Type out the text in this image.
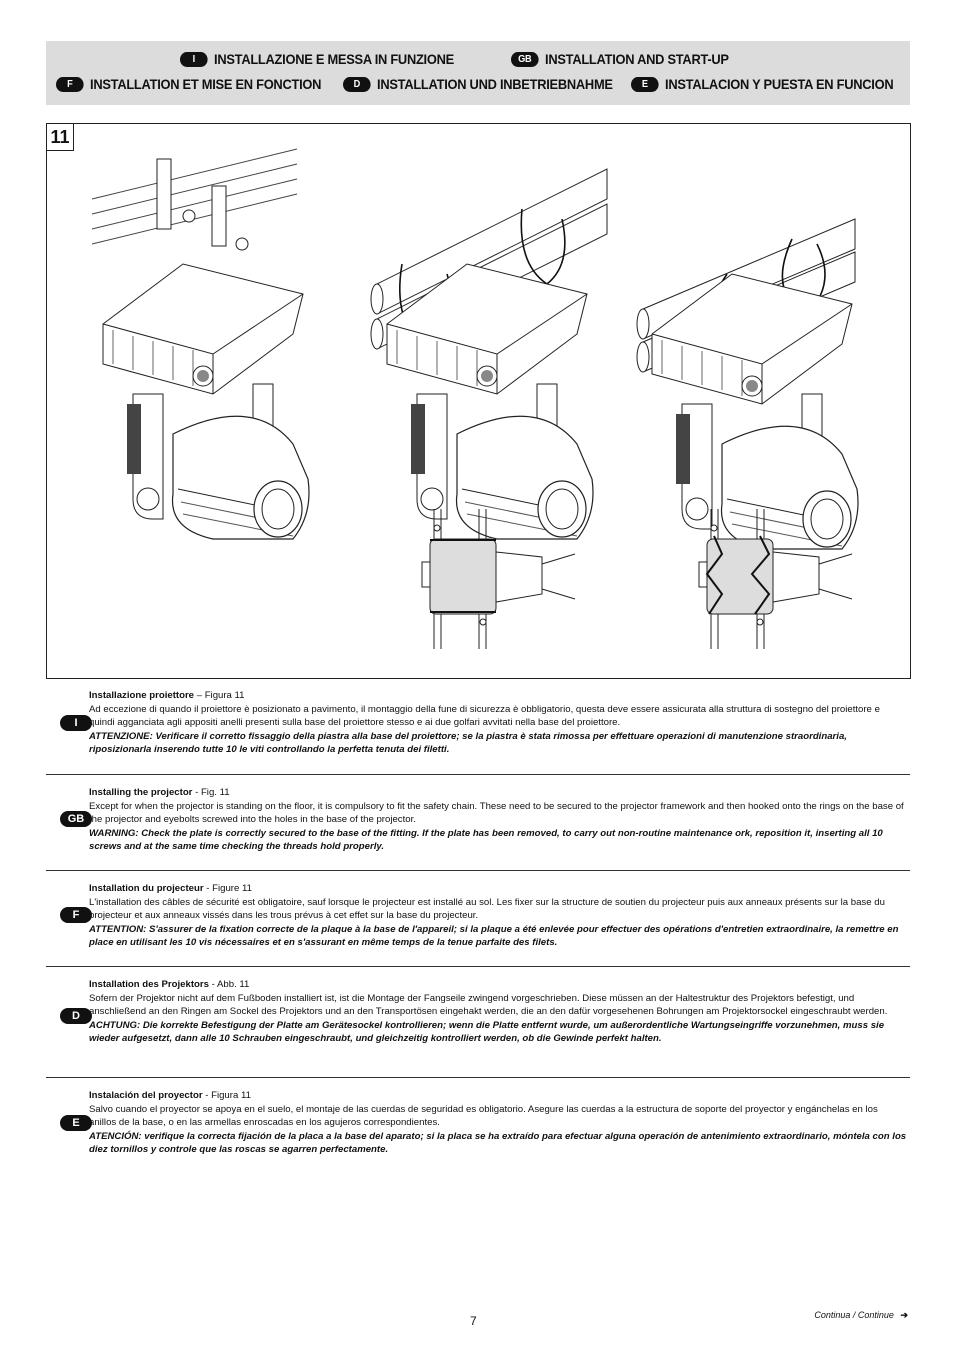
I	INSTALLAZIONE E MESSA IN FUNZIONE	GB INSTALLATION AND START-UP
F	INSTALLATION ET MISE EN FONCTION	D	INSTALLATION UND INBETRIEBNAHME	E	INSTALACION Y PUESTA EN FUNCION
11
I

Installazione proiettore – Figura 11

Ad eccezione di quando il proiettore è posizionato a pavimento, il montaggio della fune di sicurezza è obbligatorio, questa deve essere assicurata alla struttura di sostegno del proiettore e quindi agganciata agli appositi anelli presenti sulla base del proiettore stesso e ai due golfari avvitati nella base del proiettore.

ATTENZIONE: Verificare il corretto fissaggio della piastra alla base del proiettore; se la piastra è stata rimossa per effettuare operazioni di manutenzione straordinaria, riposizionarla inserendo tutte 10 le viti controllando la perfetta tenuta dei filetti.

GB

Installing the projector - Fig. 11

Except for when the projector is standing on the floor, it is compulsory to fit the safety chain. These need to be secured to the projector framework and then hooked onto the rings on the base of the projector and eyebolts screwed into the holes in the base of the projector.

WARNING: Check the plate is correctly secured to the base of the fitting. If the plate has been removed, to carry out non-routine maintenance ork, reposition it, inserting all 10 screws and at the same time checking the threads hold properly.

F

Installation du projecteur - Figure 11

L'installation des câbles de sécurité est obligatoire, sauf lorsque le projecteur est installé au sol. Les fixer sur la structure de soutien du projecteur puis aux anneaux présents sur la base du projecteur et aux anneaux vissés dans les trous prévus à cet effet sur la base du projecteur.

ATTENTION: S'assurer de la fixation correcte de la plaque à la base de l'appareil; si la plaque a été enlevée pour effectuer des opérations d'entretien extraordinaire, la remettre en place en utilisant les 10 vis nécessaires et en s'assurant en même temps de la tenue parfaite des filets.

D

Installation des Projektors - Abb. 11

Sofern der Projektor nicht auf dem Fußboden installiert ist, ist die Montage der Fangseile zwingend vorgeschrieben. Diese müssen an der Haltestruktur des Projektors befestigt, und anschließend an den Ringen am Sockel des Projektors und an den Transportösen eingehakt werden, die an den dafür vorgesehenen Bohrungen am Projektorsockel eingeschraubt werden.

ACHTUNG: Die korrekte Befestigung der Platte am Gerätesockel kontrollieren; wenn die Platte entfernt wurde, um außerordentliche Wartungseingriffe vorzunehmen, muss sie wieder aufgesetzt, dann alle 10 Schrauben eingeschraubt, und gleichzeitig kontrolliert werden, ob die Gewinde perfekt halten.

E

Instalación del proyector - Figura 11

Salvo cuando el proyector se apoya en el suelo, el montaje de las cuerdas de seguridad es obligatorio. Asegure las cuerdas a la estructura de soporte del proyector y engánchelas en los anillos de la base, o en las armellas enroscadas en los agujeros correspondientes.

ATENCIÓN: verifique la correcta fijación de la placa a la base del aparato; si la placa se ha extraído para efectuar alguna operación de antenimiento extraordinario, móntela con los diez tornillos y controle que las roscas se agarren perfectamente.

7	Continua / Continue ➔
